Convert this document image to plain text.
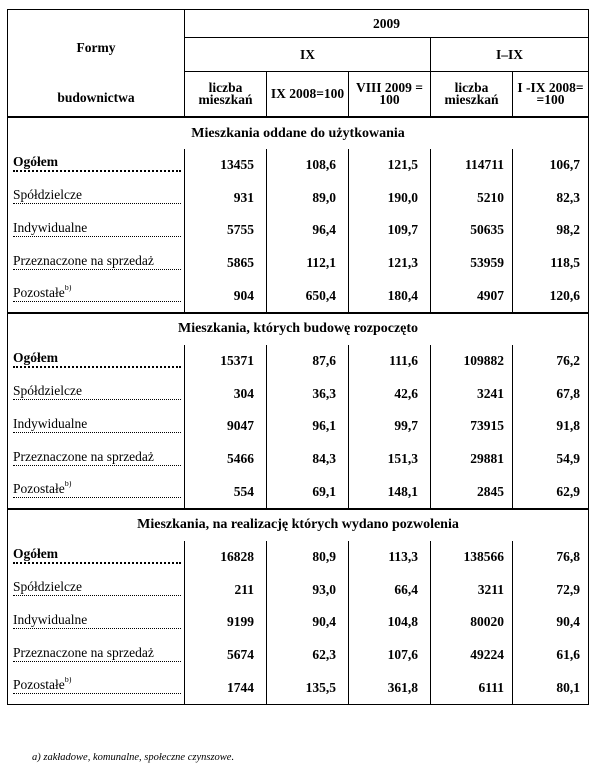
Formy
budownictwa	2009				
	IX			I–IX	
	liczba mieszkań	IX 2008=100	VIII 2009 = 100	liczba mieszkań	I -IX 2008= =100
Mieszkania oddane do użytkowania					
Ogółem	13455	108,6	121,5	114711	106,7
Spółdzielcze	931	89,0	190,0	5210	82,3
Indywidualne	5755	96,4	109,7	50635	98,2
Przeznaczone na sprzedaż	5865	112,1	121,3	53959	118,5
Pozostałe$^{b)}$	904	650,4	180,4	4907	120,6
Mieszkania, których budowę rozpoczęto					
Ogółem	15371	87,6	111,6	109882	76,2
Spółdzielcze	304	36,3	42,6	3241	67,8
Indywidualne	9047	96,1	99,7	73915	91,8
Przeznaczone na sprzedaż	5466	84,3	151,3	29881	54,9
Pozostałe$^{b)}$	554	69,1	148,1	2845	62,9
Mieszkania, na realizację których wydano pozwolenia					
Ogółem	16828	80,9	113,3	138566	76,8
Spółdzielcze	211	93,0	66,4	3211	72,9
Indywidualne	9199	90,4	104,8	80020	90,4
Przeznaczone na sprzedaż	5674	62,3	107,6	49224	61,6
Pozostałe$^{b)}$	1744	135,5	361,8	6111	80,1
a) zakładowe, komunalne, społeczne czynszowe.
